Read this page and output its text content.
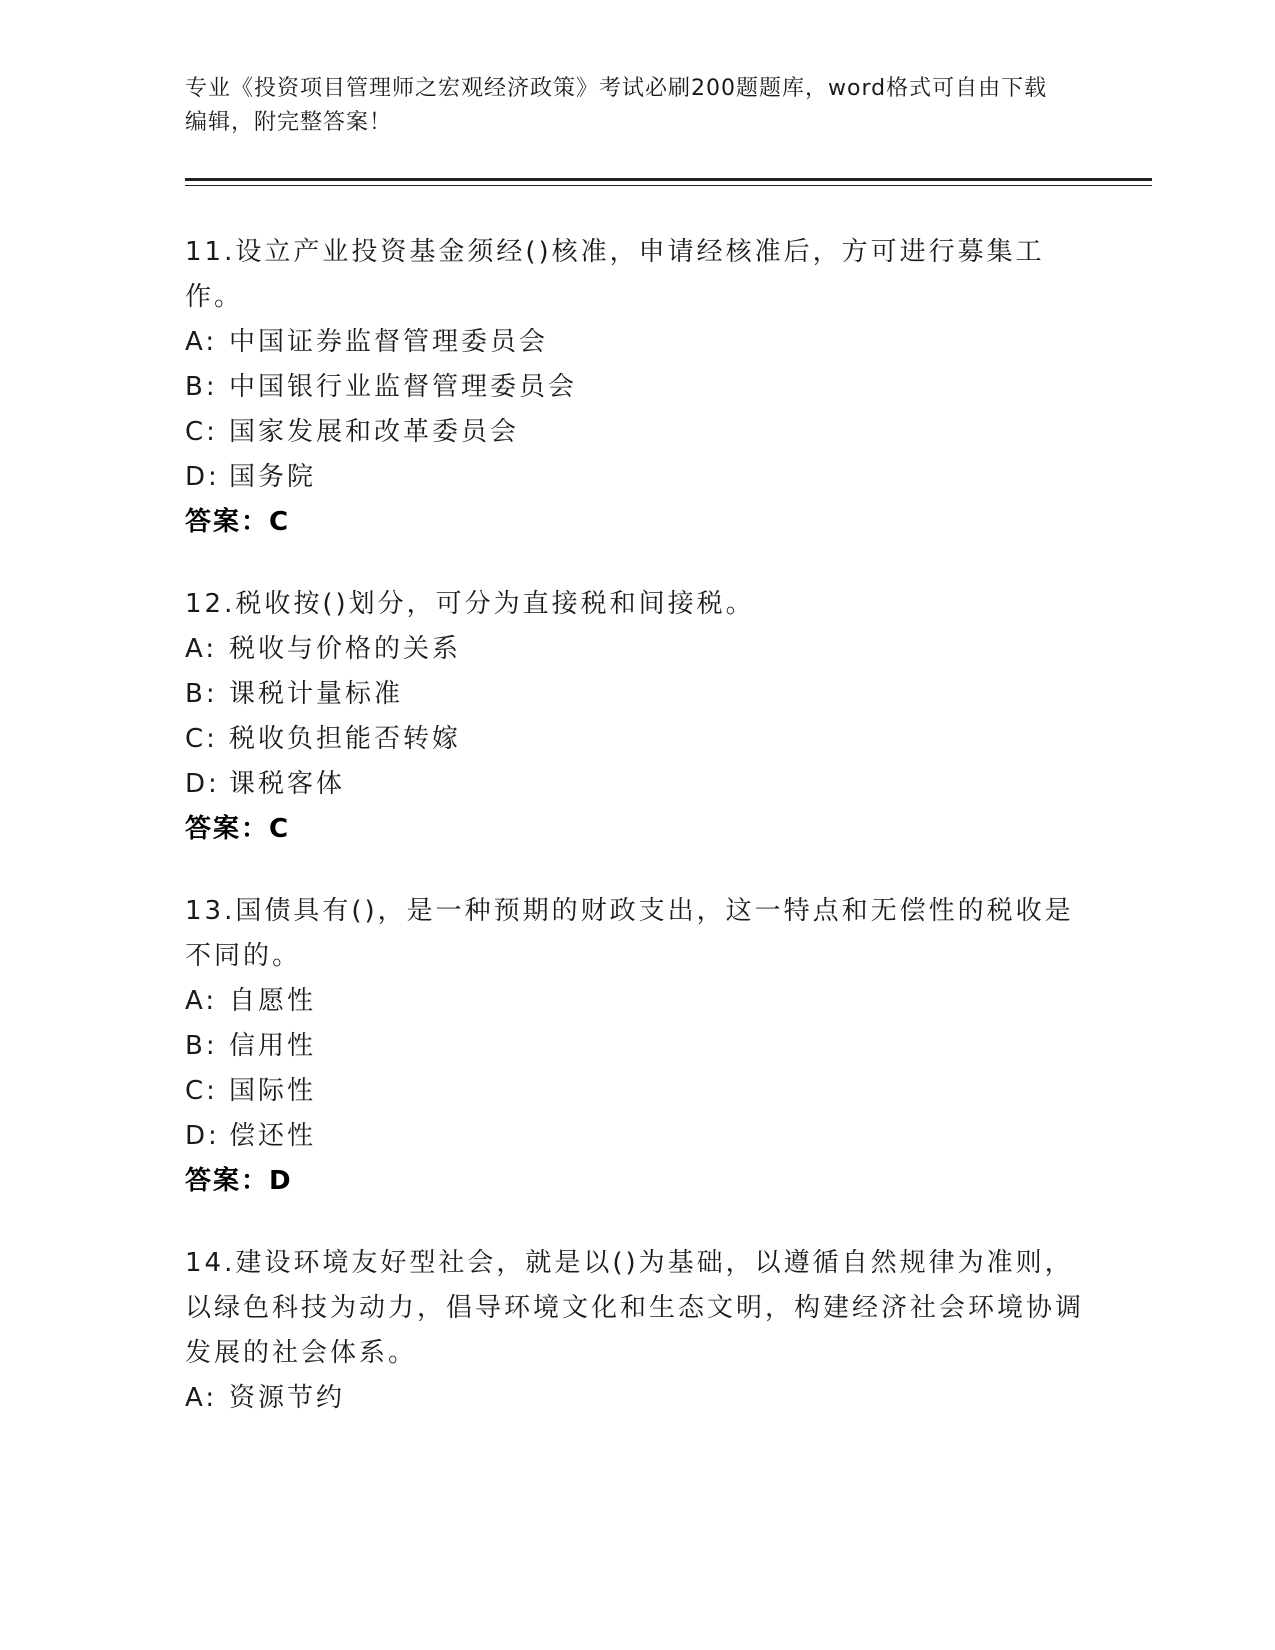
专业《投资项目管理师之宏观经济政策》考试必刷200题题库，word格式可自由下载编辑，附完整答案！
11.设立产业投资基金须经()核准，申请经核准后，方可进行募集工作。
A: 中国证券监督管理委员会
B: 中国银行业监督管理委员会
C: 国家发展和改革委员会
D: 国务院
答案：C
12.税收按()划分，可分为直接税和间接税。
A: 税收与价格的关系
B: 课税计量标准
C: 税收负担能否转嫁
D: 课税客体
答案：C
13.国债具有()，是一种预期的财政支出，这一特点和无偿性的税收是不同的。
A: 自愿性
B: 信用性
C: 国际性
D: 偿还性
答案：D
14.建设环境友好型社会，就是以()为基础，以遵循自然规律为准则，以绿色科技为动力，倡导环境文化和生态文明，构建经济社会环境协调发展的社会体系。
A: 资源节约
